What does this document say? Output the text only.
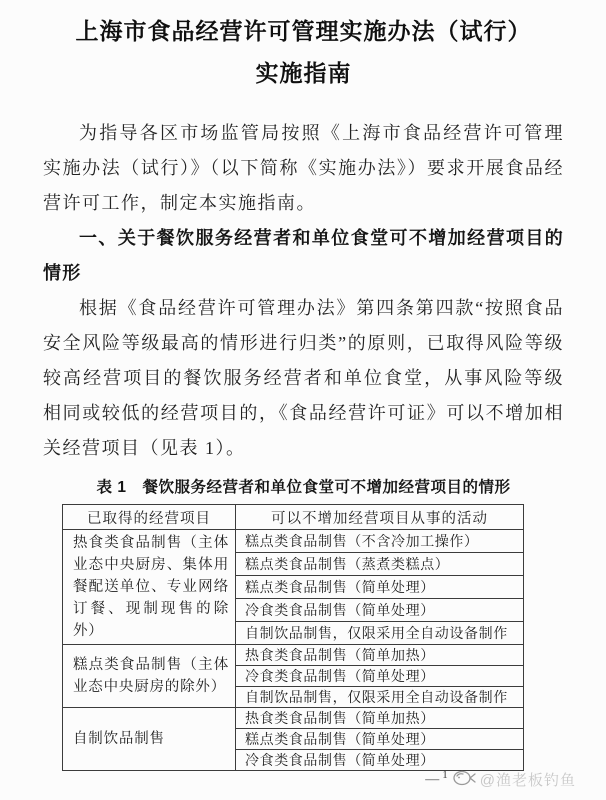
上海市食品经营许可管理实施办法（试行）
实施指南

为指导各区市场监管局按照《上海市食品经营许可管理实施办法（试行）》（以下简称《实施办法》）要求开展食品经营许可工作，制定本实施指南。

一、关于餐饮服务经营者和单位食堂可不增加经营项目的情形

根据《食品经营许可管理办法》第四条第四款“按照食品安全风险等级最高的情形进行归类”的原则，已取得风险等级较高经营项目的餐饮服务经营者和单位食堂，从事风险等级相同或较低的经营项目的，《食品经营许可证》可以不增加相关经营项目（见表 1）。

表 1　餐饮服务经营者和单位食堂可不增加经营项目的情形
已取得的经营项目	可以不增加经营项目从事的活动
热食类食品制售（主体业态中央厨房、集体用餐配送单位、专业网络订餐、现制现售的除外）	糕点类食品制售（不含冷加工操作）
	糕点类食品制售（蒸煮类糕点）
	糕点类食品制售（简单处理）
	冷食类食品制售（简单处理）
	自制饮品制售，仅限采用全自动设备制作
糕点类食品制售（主体业态中央厨房的除外）	热食类食品制售（简单加热）
	冷食类食品制售（简单处理）
	自制饮品制售，仅限采用全自动设备制作
自制饮品制售	热食类食品制售（简单加热）
	糕点类食品制售（简单处理）
	冷食类食品制售（简单处理）
— 1 @渔老板钓鱼
